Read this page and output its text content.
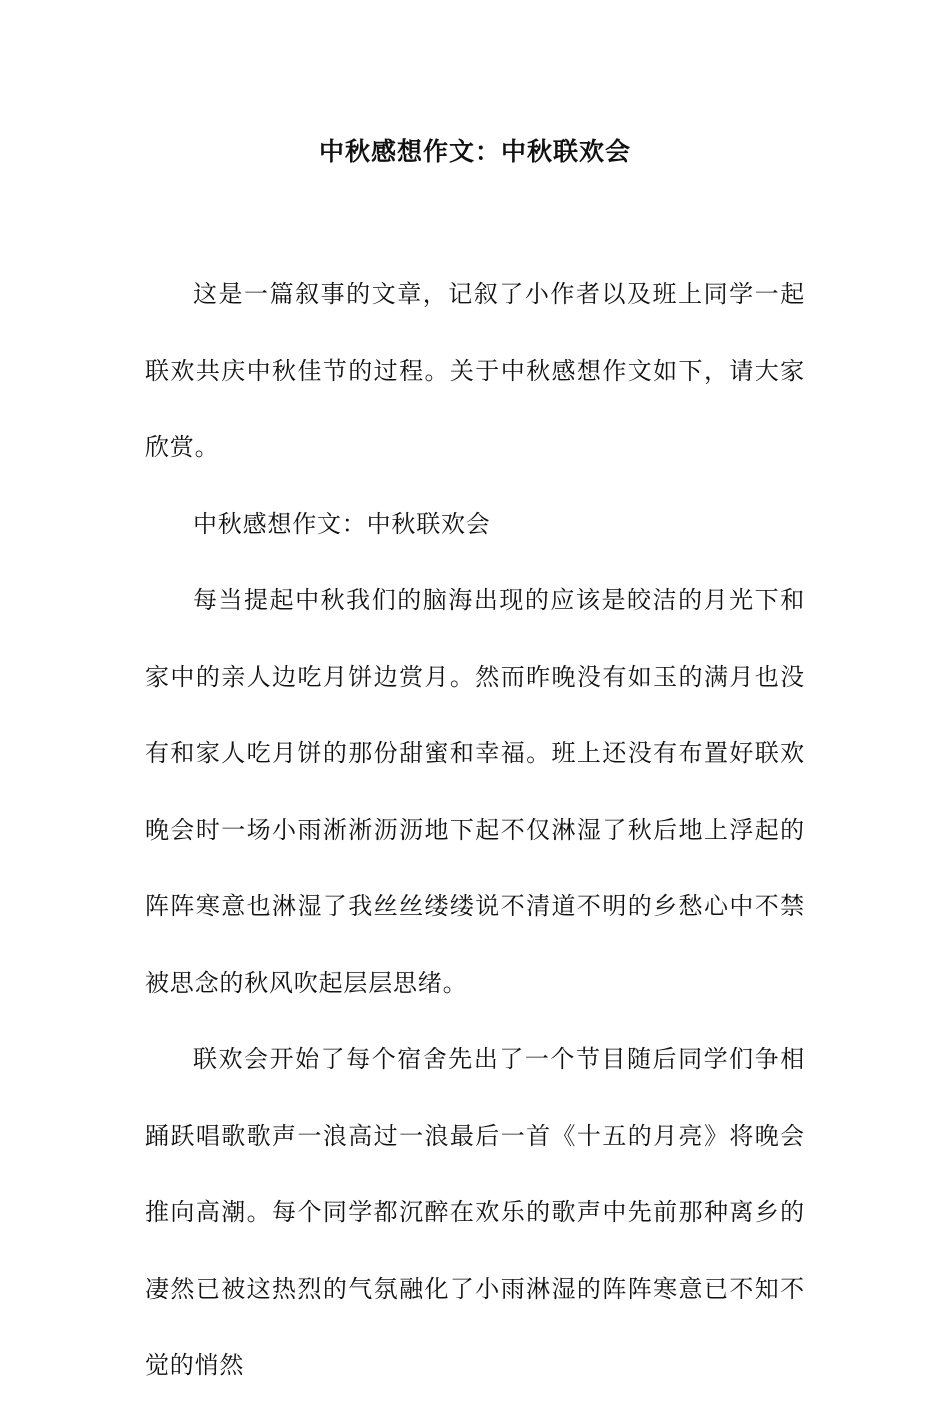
中秋感想作文：中秋联欢会

这是一篇叙事的文章，记叙了小作者以及班上同学一起联欢共庆中秋佳节的过程。关于中秋感想作文如下，请大家欣赏。

中秋感想作文：中秋联欢会

每当提起中秋我们的脑海出现的应该是皎洁的月光下和家中的亲人边吃月饼边赏月。然而昨晚没有如玉的满月也没有和家人吃月饼的那份甜蜜和幸福。班上还没有布置好联欢晚会时一场小雨淅淅沥沥地下起不仅淋湿了秋后地上浮起的阵阵寒意也淋湿了我丝丝缕缕说不清道不明的乡愁心中不禁被思念的秋风吹起层层思绪。

联欢会开始了每个宿舍先出了一个节目随后同学们争相踊跃唱歌歌声一浪高过一浪最后一首《十五的月亮》将晚会推向高潮。每个同学都沉醉在欢乐的歌声中先前那种离乡的凄然已被这热烈的气氛融化了小雨淋湿的阵阵寒意已不知不觉的悄然
